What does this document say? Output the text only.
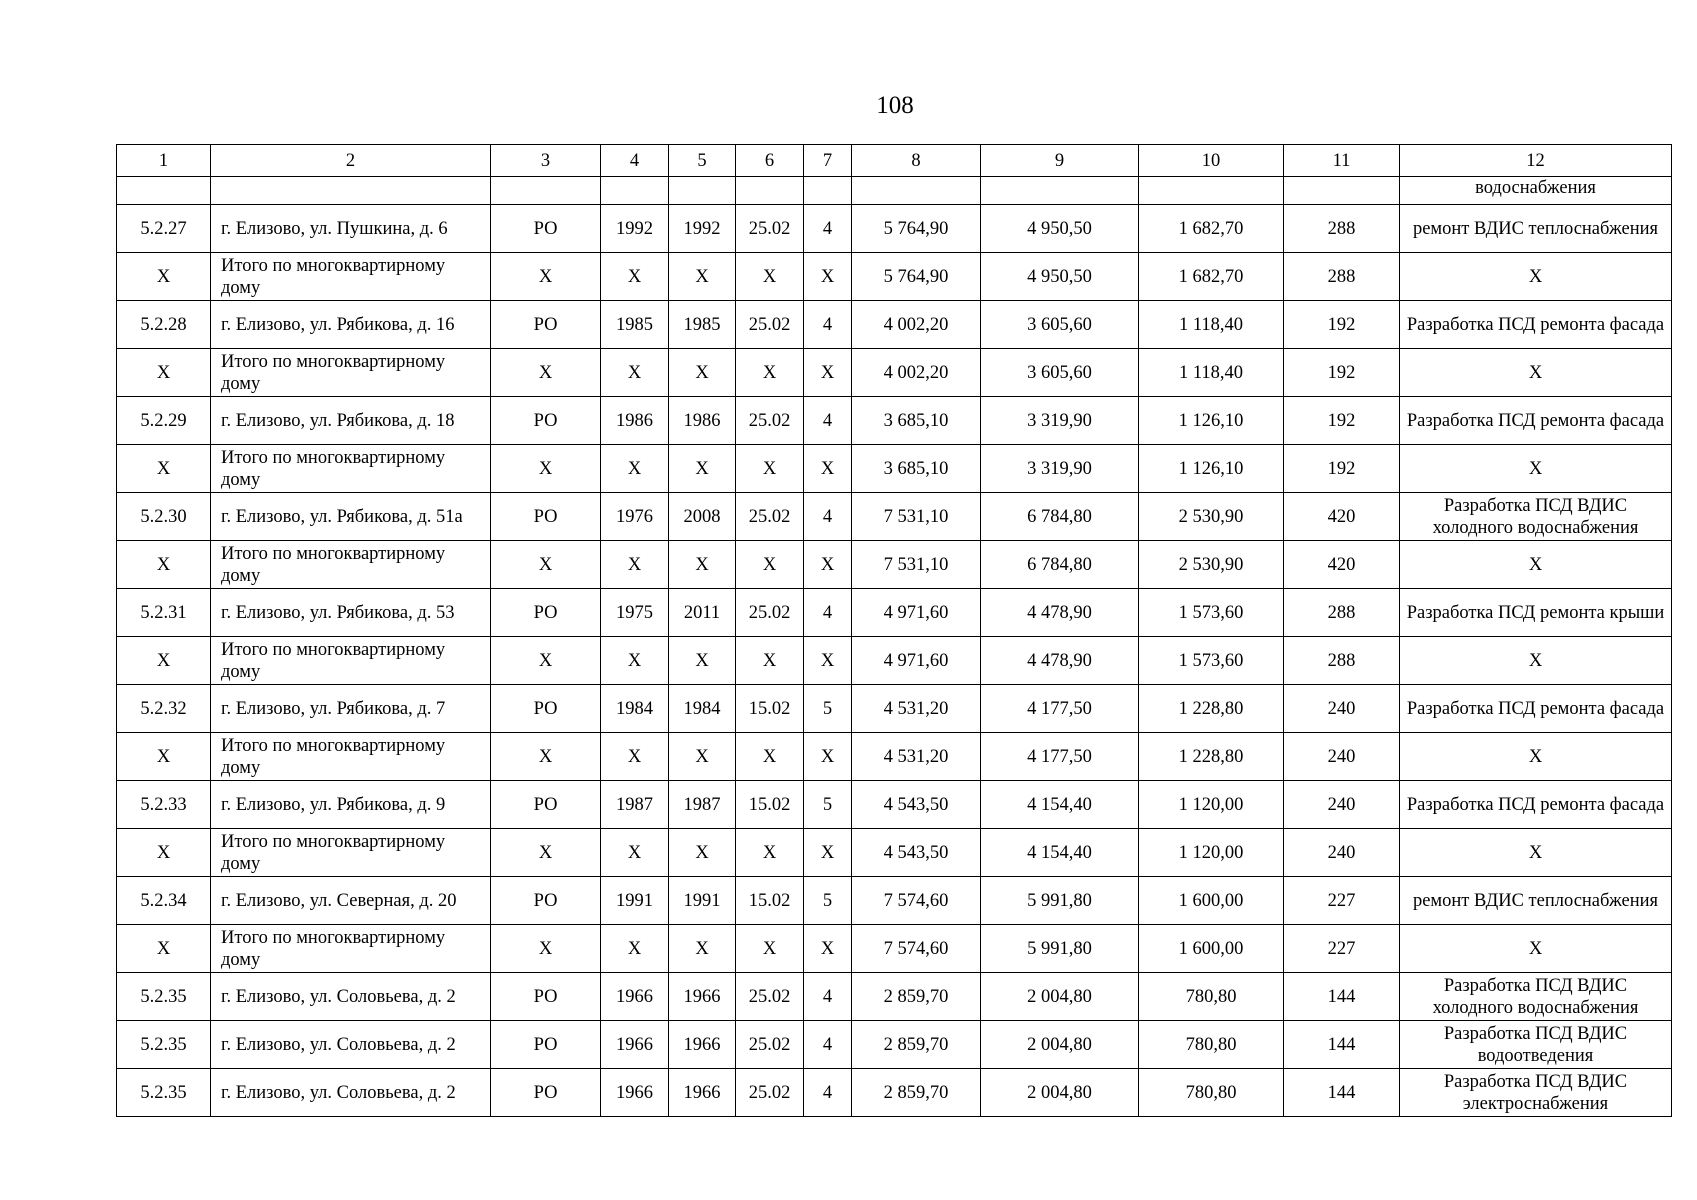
108
1	2	3	4	5	6	7	8	9	10	11	12
											водоснабжения
5.2.27	г. Елизово, ул. Пушкина, д. 6	РО	1992	1992	25.02	4	5 764,90	4 950,50	1 682,70	288	ремонт ВДИС теплоснабжения
Х	Итого по многоквартирному дому	Х	Х	Х	Х	Х	5 764,90	4 950,50	1 682,70	288	Х
5.2.28	г. Елизово, ул. Рябикова, д. 16	РО	1985	1985	25.02	4	4 002,20	3 605,60	1 118,40	192	Разработка ПСД ремонта фасада
Х	Итого по многоквартирному дому	Х	Х	Х	Х	Х	4 002,20	3 605,60	1 118,40	192	Х
5.2.29	г. Елизово, ул. Рябикова, д. 18	РО	1986	1986	25.02	4	3 685,10	3 319,90	1 126,10	192	Разработка ПСД ремонта фасада
Х	Итого по многоквартирному дому	Х	Х	Х	Х	Х	3 685,10	3 319,90	1 126,10	192	Х
5.2.30	г. Елизово, ул. Рябикова, д. 51а	РО	1976	2008	25.02	4	7 531,10	6 784,80	2 530,90	420	Разработка ПСД ВДИС холодного водоснабжения
Х	Итого по многоквартирному дому	Х	Х	Х	Х	Х	7 531,10	6 784,80	2 530,90	420	Х
5.2.31	г. Елизово, ул. Рябикова, д. 53	РО	1975	2011	25.02	4	4 971,60	4 478,90	1 573,60	288	Разработка ПСД ремонта крыши
Х	Итого по многоквартирному дому	Х	Х	Х	Х	Х	4 971,60	4 478,90	1 573,60	288	Х
5.2.32	г. Елизово, ул. Рябикова, д. 7	РО	1984	1984	15.02	5	4 531,20	4 177,50	1 228,80	240	Разработка ПСД ремонта фасада
Х	Итого по многоквартирному дому	Х	Х	Х	Х	Х	4 531,20	4 177,50	1 228,80	240	Х
5.2.33	г. Елизово, ул. Рябикова, д. 9	РО	1987	1987	15.02	5	4 543,50	4 154,40	1 120,00	240	Разработка ПСД ремонта фасада
Х	Итого по многоквартирному дому	Х	Х	Х	Х	Х	4 543,50	4 154,40	1 120,00	240	Х
5.2.34	г. Елизово, ул. Северная, д. 20	РО	1991	1991	15.02	5	7 574,60	5 991,80	1 600,00	227	ремонт ВДИС теплоснабжения
Х	Итого по многоквартирному дому	Х	Х	Х	Х	Х	7 574,60	5 991,80	1 600,00	227	Х
5.2.35	г. Елизово, ул. Соловьева, д. 2	РО	1966	1966	25.02	4	2 859,70	2 004,80	780,80	144	Разработка ПСД ВДИС холодного водоснабжения
5.2.35	г. Елизово, ул. Соловьева, д. 2	РО	1966	1966	25.02	4	2 859,70	2 004,80	780,80	144	Разработка ПСД ВДИС водоотведения
5.2.35	г. Елизово, ул. Соловьева, д. 2	РО	1966	1966	25.02	4	2 859,70	2 004,80	780,80	144	Разработка ПСД ВДИС электроснабжения
